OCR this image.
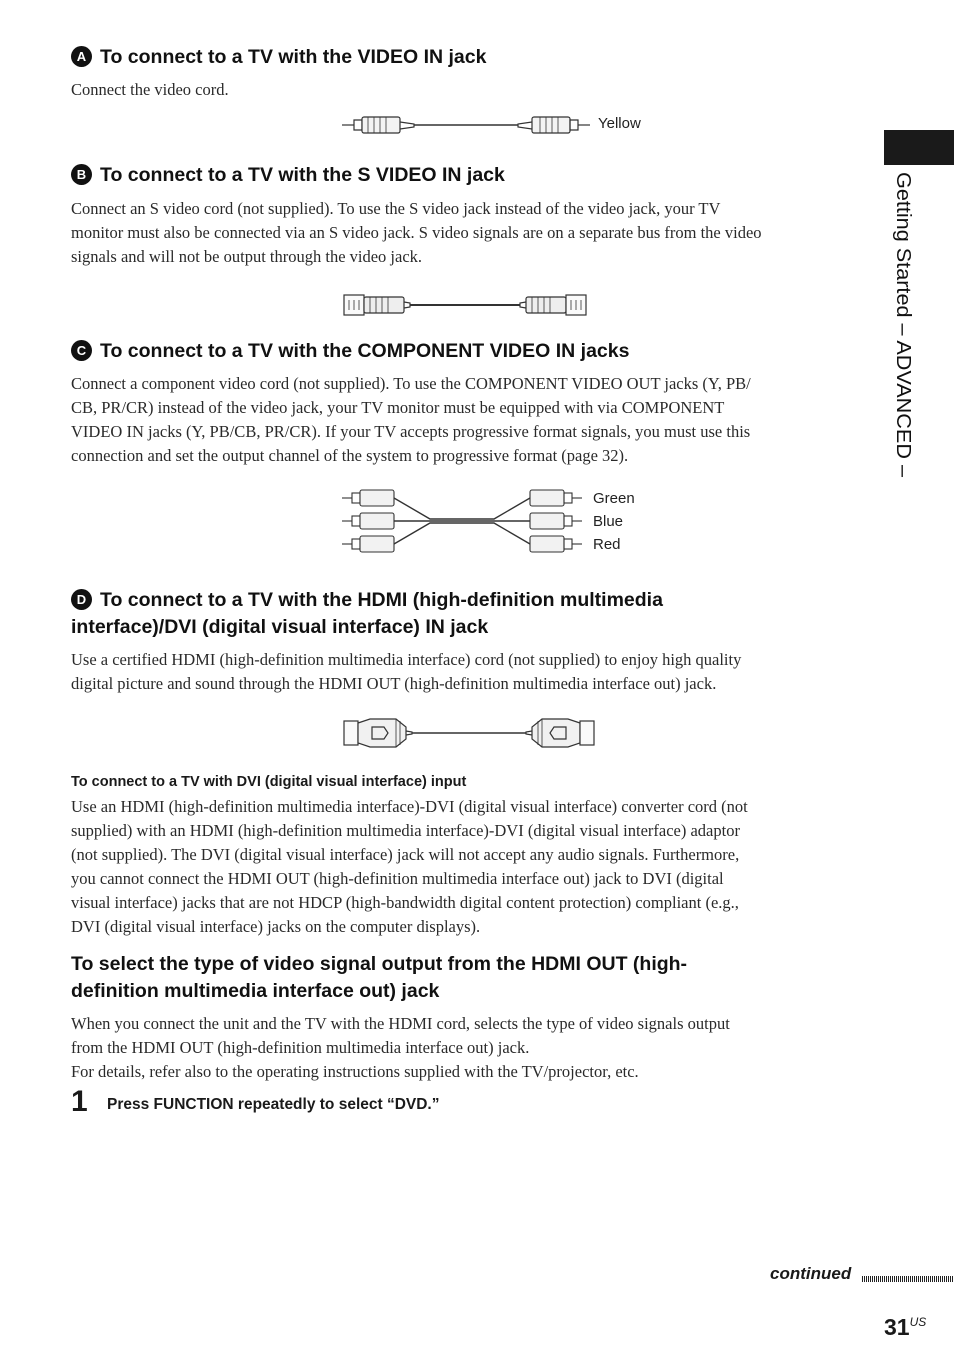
Getting Started – ADVANCED –
A To connect to a TV with the VIDEO IN jack
Connect the video cord.
Yellow
B To connect to a TV with the S VIDEO IN jack
Connect an S video cord (not supplied). To use the S video jack instead of the video jack, your TV
monitor must also be connected via an S video jack. S video signals are on a separate bus from the video
signals and will not be output through the video jack.
C To connect to a TV with the COMPONENT VIDEO IN jacks
Connect a component video cord (not supplied). To use the COMPONENT VIDEO OUT jacks (Y, PB/
CB, PR/CR) instead of the video jack, your TV monitor must be equipped with via COMPONENT
VIDEO IN jacks (Y, PB/CB, PR/CR). If your TV accepts progressive format signals, you must use this
connection and set the output channel of the system to progressive format (page 32).
Green
Blue
Red
D To connect to a TV with the HDMI (high-definition multimedia
interface)/DVI (digital visual interface) IN jack
Use a certified HDMI (high-definition multimedia interface) cord (not supplied) to enjoy high quality
digital picture and sound through the HDMI OUT (high-definition multimedia interface out) jack.
To connect to a TV with DVI (digital visual interface) input
Use an HDMI (high-definition multimedia interface)-DVI (digital visual interface) converter cord (not
supplied) with an HDMI (high-definition multimedia interface)-DVI (digital visual interface) adaptor
(not supplied). The DVI (digital visual interface) jack will not accept any audio signals. Furthermore,
you cannot connect the HDMI OUT (high-definition multimedia interface out) jack to DVI (digital
visual interface) jacks that are not HDCP (high-bandwidth digital content protection) compliant (e.g.,
DVI (digital visual interface) jacks on the computer displays).
To select the type of video signal output from the HDMI OUT (high-
definition multimedia interface out) jack
When you connect the unit and the TV with the HDMI cord, selects the type of video signals output
from the HDMI OUT (high-definition multimedia interface out) jack.
For details, refer also to the operating instructions supplied with the TV/projector, etc.
1 Press FUNCTION repeatedly to select “DVD.”
continued
$31^{US}$
